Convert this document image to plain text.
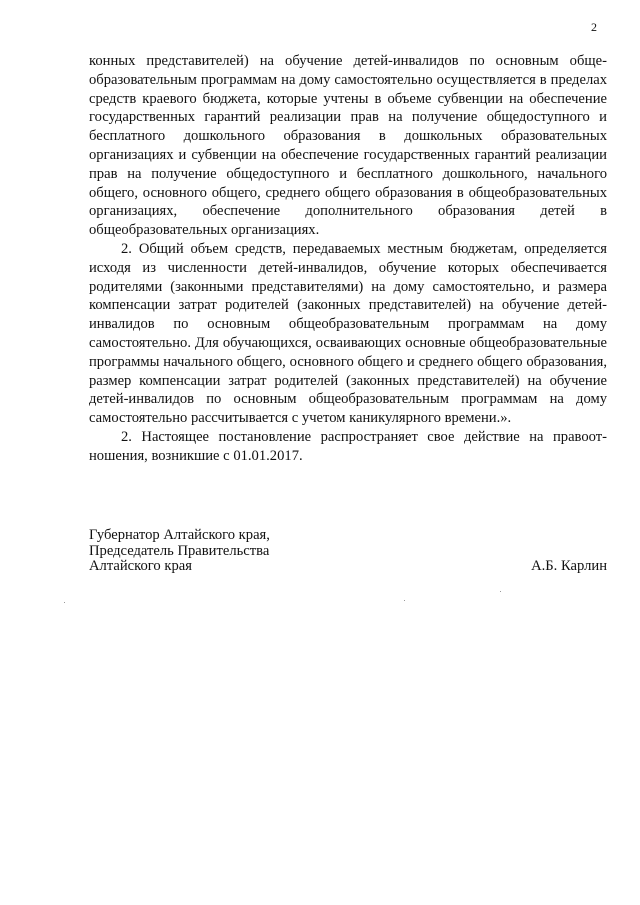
2

конных представителей) на обучение детей-инвалидов по основным общеобразовательным программам на дому самостоятельно осуществляется в пределах средств краевого бюджета, которые учтены в объеме субвенции на обеспечение государственных гарантий реализации прав на получение общедоступного и бесплатного дошкольного образования в дошкольных образовательных организациях и субвенции на обеспечение государственных гарантий реализации прав на получение общедоступного и бесплатного дошкольного, начального общего, основного общего, среднего общего образования в общеобразовательных организациях, обеспечение дополнительного образования детей в общеобразовательных организациях.

2. Общий объем средств, передаваемых местным бюджетам, определяется исходя из численности детей-инвалидов, обучение которых обеспечивается родителями (законными представителями) на дому самостоятельно, и размера компенсации затрат родителей (законных представителей) на обучение детей-инвалидов по основным общеобразовательным программам на дому самостоятельно. Для обучающихся, осваивающих основные общеобразовательные программы начального общего, основного общего и среднего общего образования, размер компенсации затрат родителей (законных представителей) на обучение детей-инвалидов по основным общеобразовательным программам на дому самостоятельно рассчитывается с учетом каникулярного времени.».

2. Настоящее постановление распространяет свое действие на правоотношения, возникшие с 01.01.2017.

Губернатор Алтайского края,
Председатель Правительства
Алтайского края	А.Б. Карлин
